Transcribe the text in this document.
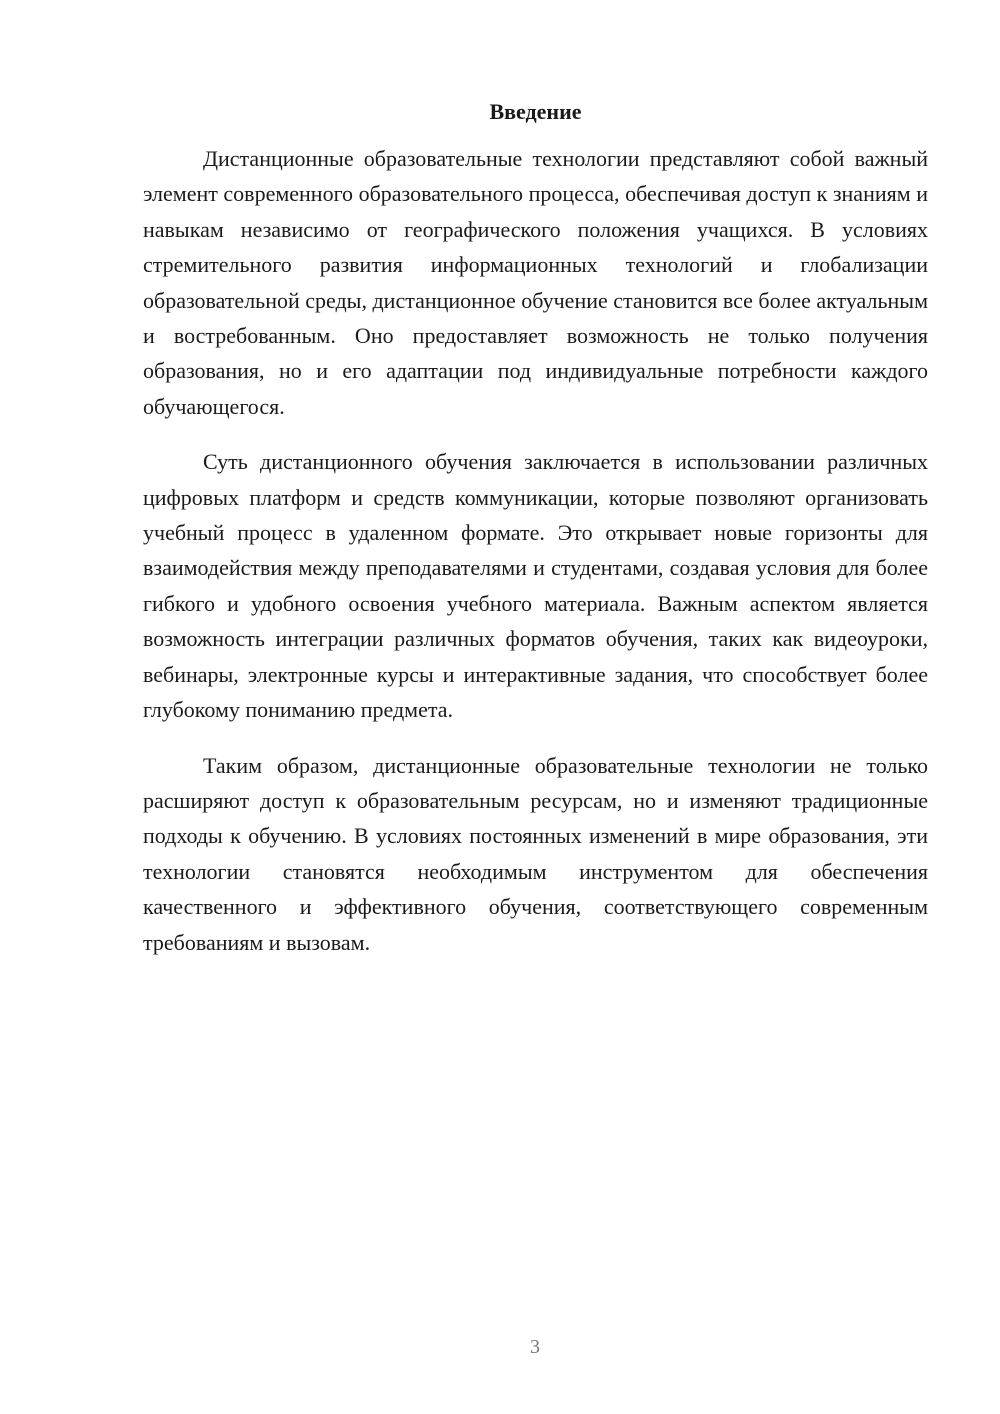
Введение

Дистанционные образовательные технологии представляют собой важный элемент современного образовательного процесса, обеспечивая доступ к знаниям и навыкам независимо от географического положения учащихся. В условиях стремительного развития информационных технологий и глобализации образовательной среды, дистанционное обучение становится все более актуальным и востребованным. Оно предоставляет возможность не только получения образования, но и его адаптации под индивидуальные потребности каждого обучающегося.

Суть дистанционного обучения заключается в использовании различных цифровых платформ и средств коммуникации, которые позволяют организовать учебный процесс в удаленном формате. Это открывает новые горизонты для взаимодействия между преподавателями и студентами, создавая условия для более гибкого и удобного освоения учебного материала. Важным аспектом является возможность интеграции различных форматов обучения, таких как видеоуроки, вебинары, электронные курсы и интерактивные задания, что способствует более глубокому пониманию предмета.

Таким образом, дистанционные образовательные технологии не только расширяют доступ к образовательным ресурсам, но и изменяют традиционные подходы к обучению. В условиях постоянных изменений в мире образования, эти технологии становятся необходимым инструментом для обеспечения качественного и эффективного обучения, соответствующего современным требованиям и вызовам.

3
